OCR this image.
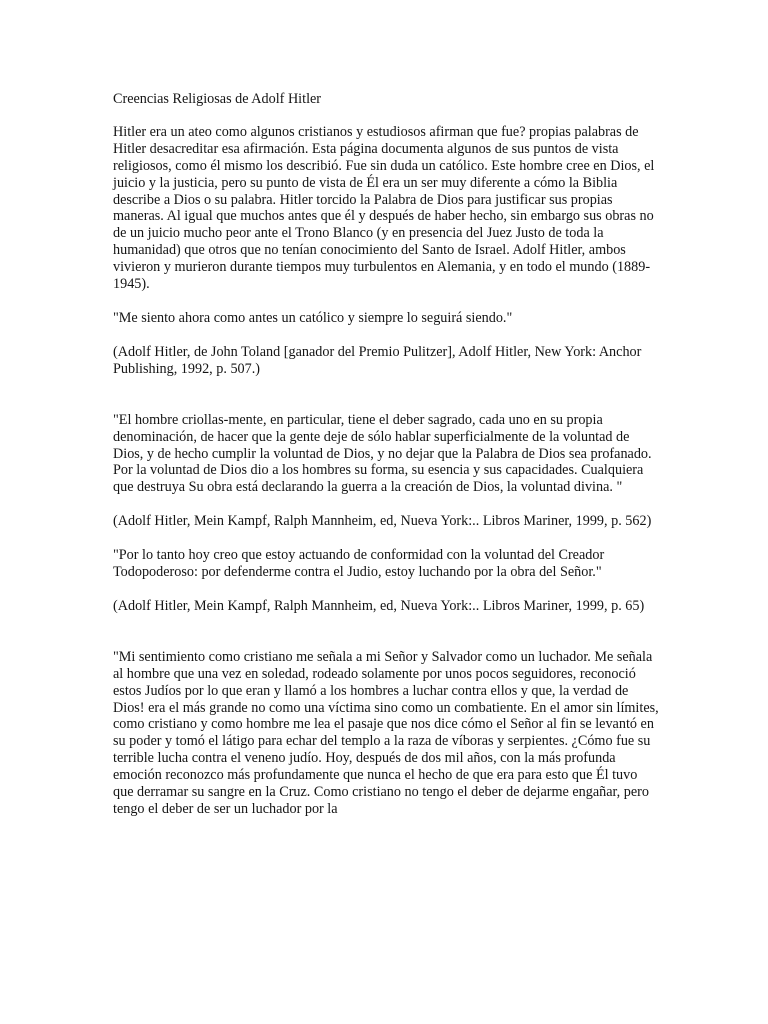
Creencias Religiosas de Adolf Hitler

Hitler era un ateo como algunos cristianos y estudiosos afirman que fue? propias palabras de Hitler desacreditar esa afirmación. Esta página documenta algunos de sus puntos de vista religiosos, como él mismo los describió. Fue sin duda un católico. Este hombre cree en Dios, el juicio y la justicia, pero su punto de vista de Él era un ser muy diferente a cómo la Biblia describe a Dios o su palabra. Hitler torcido la Palabra de Dios para justificar sus propias maneras. Al igual que muchos antes que él y después de haber hecho, sin embargo sus obras no de un juicio mucho peor ante el Trono Blanco (y en presencia del Juez Justo de toda la humanidad) que otros que no tenían conocimiento del Santo de Israel. Adolf Hitler, ambos vivieron y murieron durante tiempos muy turbulentos en Alemania, y en todo el mundo (1889-1945).

"Me siento ahora como antes un católico y siempre lo seguirá siendo."

(Adolf Hitler, de John Toland [ganador del Premio Pulitzer], Adolf Hitler, New York: Anchor Publishing, 1992, p. 507.)

"El hombre criollas-mente, en particular, tiene el deber sagrado, cada uno en su propia denominación, de hacer que la gente deje de sólo hablar superficialmente de la voluntad de Dios, y de hecho cumplir la voluntad de Dios, y no dejar que la Palabra de Dios sea profanado. Por la voluntad de Dios dio a los hombres su forma, su esencia y sus capacidades. Cualquiera que destruya Su obra está declarando la guerra a la creación de Dios, la voluntad divina. "

(Adolf Hitler, Mein Kampf, Ralph Mannheim, ed, Nueva York:.. Libros Mariner, 1999, p. 562)

"Por lo tanto hoy creo que estoy actuando de conformidad con la voluntad del Creador Todopoderoso: por defenderme contra el Judio, estoy luchando por la obra del Señor."

(Adolf Hitler, Mein Kampf, Ralph Mannheim, ed, Nueva York:.. Libros Mariner, 1999, p. 65)

"Mi sentimiento como cristiano me señala a mi Señor y Salvador como un luchador. Me señala al hombre que una vez en soledad, rodeado solamente por unos pocos seguidores, reconoció estos Judíos por lo que eran y llamó a los hombres a luchar contra ellos y que, la verdad de Dios! era el más grande no como una víctima sino como un combatiente. En el amor sin límites, como cristiano y como hombre me lea el pasaje que nos dice cómo el Señor al fin se levantó en su poder y tomó el látigo para echar del templo a la raza de víboras y serpientes. ¿Cómo fue su terrible lucha contra el veneno judío. Hoy, después de dos mil años, con la más profunda emoción reconozco más profundamente que nunca el hecho de que era para esto que Él tuvo que derramar su sangre en la Cruz. Como cristiano no tengo el deber de dejarme engañar, pero tengo el deber de ser un luchador por la
